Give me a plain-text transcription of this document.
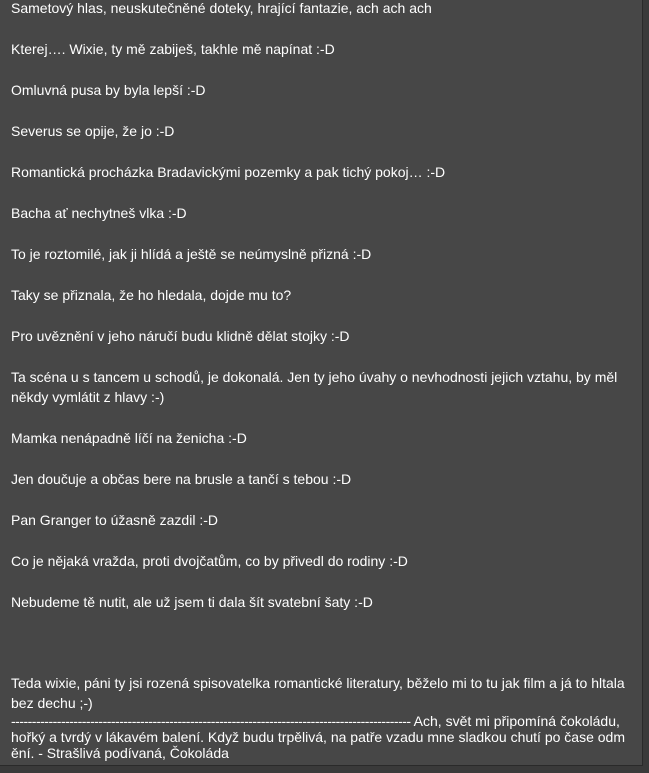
Sametový hlas, neuskutečněné doteky, hrající fantazie, ach ach ach

Kterej…. Wixie, ty mě zabiješ, takhle mě napínat :-D

Omluvná pusa by byla lepší :-D

Severus se opije, že jo :-D

Romantická procházka Bradavickými pozemky a pak tichý pokoj… :-D

Bacha ať nechytneš vlka :-D

To je roztomilé, jak ji hlídá a ještě se neúmyslně přizná :-D

Taky se přiznala, že ho hledala, dojde mu to?

Pro uvěznění v jeho náručí budu klidně dělat stojky :-D

Ta scéna u s tancem u schodů, je dokonalá. Jen ty jeho úvahy o nevhodnosti jejich vztahu, by měl někdy vymlátit z hlavy :-)

Mamka nenápadně líčí na ženicha :-D

Jen doučuje a občas bere na brusle a tančí s tebou :-D

Pan Granger to úžasně zazdil :-D

Co je nějaká vražda, proti dvojčatům, co by přivedl do rodiny :-D

Nebudeme tě nutit, ale už jsem ti dala šít svatební šaty :-D

Teda wixie, páni ty jsi rozená spisovatelka romantické literatury, běželo mi to tu jak film a já to hltala bez dechu ;-)

------------------------------------------------------------------------------------------------ Ach, svět mi připomíná čokoládu, hořký a tvrdý v lákavém balení. Když budu trpělivá, na patře vzadu mne sladkou chutí po čase odmění. - Strašlivá podívaná, Čokoláda
